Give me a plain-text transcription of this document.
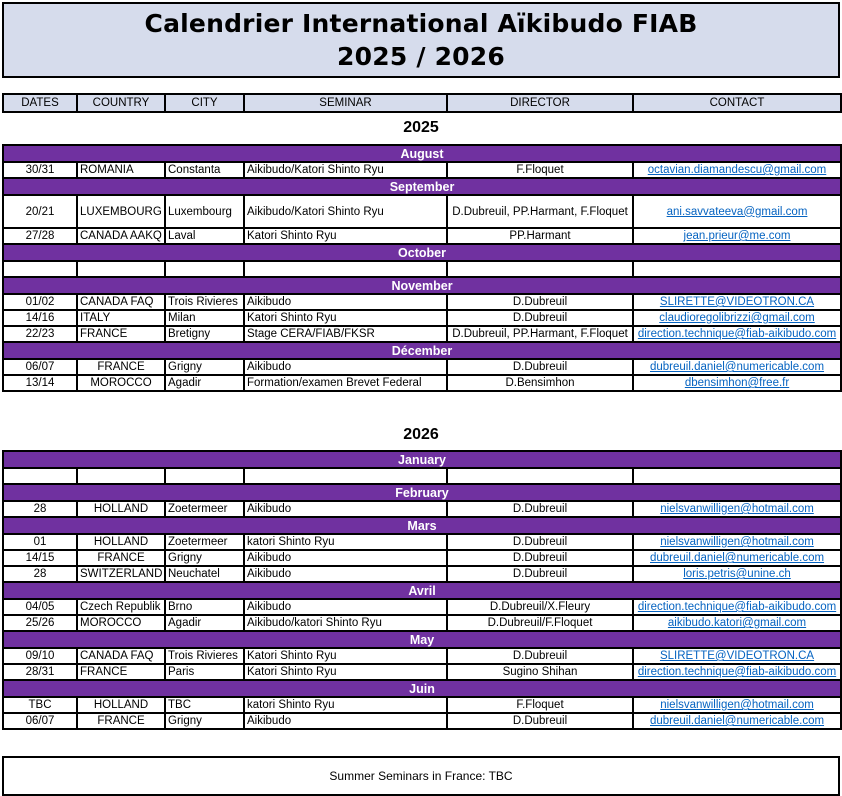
Calendrier International Aïkibudo FIAB
2025 / 2026
DATES	COUNTRY	CITY	SEMINAR	DIRECTOR	CONTACT
2025
August					
30/31	ROMANIA	Constanta	Aikibudo/Katori Shinto Ryu	F.Floquet	octavian.diamandescu@gmail.com
September					
20/21	LUXEMBOURG	Luxembourg	Aikibudo/Katori Shinto Ryu	D.Dubreuil, PP.Harmant, F.Floquet	ani.savvateeva@gmail.com
27/28	CANADA AAKQ	Laval	Katori Shinto Ryu	PP.Harmant	jean.prieur@me.com
October					

November					
01/02	CANADA FAQ	Trois Rivieres	Aikibudo	D.Dubreuil	SLIRETTE@VIDEOTRON.CA
14/16	ITALY	Milan	Katori Shinto Ryu	D.Dubreuil	claudioregolibrizzi@gmail.com
22/23	FRANCE	Bretigny	Stage CERA/FIAB/FKSR	D.Dubreuil, PP.Harmant, F.Floquet	direction.technique@fiab-aikibudo.com
Décember					
06/07	FRANCE	Grigny	Aikibudo	D.Dubreuil	dubreuil.daniel@numericable.com
13/14	MOROCCO	Agadir	Formation/examen Brevet Federal	D.Bensimhon	dbensimhon@free.fr
2026
January					

February					
28	HOLLAND	Zoetermeer	Aikibudo	D.Dubreuil	nielsvanwilligen@hotmail.com
Mars					
01	HOLLAND	Zoetermeer	katori Shinto Ryu	D.Dubreuil	nielsvanwilligen@hotmail.com
14/15	FRANCE	Grigny	Aikibudo	D.Dubreuil	dubreuil.daniel@numericable.com
28	SWITZERLAND	Neuchatel	Aikibudo	D.Dubreuil	loris.petris@unine.ch
Avril					
04/05	Czech Republik	Brno	Aikibudo	D.Dubreuil/X.Fleury	direction.technique@fiab-aikibudo.com
25/26	MOROCCO	Agadir	Aikibudo/katori Shinto Ryu	D.Dubreuil/F.Floquet	aikibudo.katori@gmail.com
May					
09/10	CANADA FAQ	Trois Rivieres	Katori Shinto Ryu	D.Dubreuil	SLIRETTE@VIDEOTRON.CA
28/31	FRANCE	Paris	Katori Shinto Ryu	Sugino Shihan	direction.technique@fiab-aikibudo.com
Juin					
TBC	HOLLAND	TBC	katori Shinto Ryu	F.Floquet	nielsvanwilligen@hotmail.com
06/07	FRANCE	Grigny	Aikibudo	D.Dubreuil	dubreuil.daniel@numericable.com
Summer Seminars in France: TBC
